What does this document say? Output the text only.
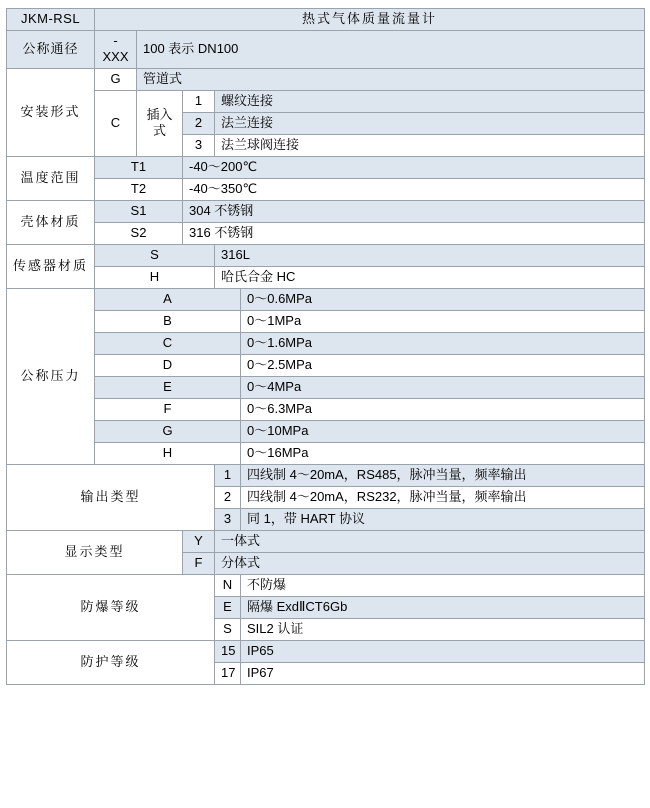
JKM-RSL	热式气体质量流量计				
公称通径	-XXX	100 表示 DN100			
安装形式	G	管道式			
	C	插入式	1	螺纹连接	
			2	法兰连接	
			3	法兰球阀连接	
温度范围	T1		-40～200℃		
	T2		-40～350℃		
壳体材质	S1		304 不锈钢		
	S2		316 不锈钢		
传感器材质	S			316L	
	H			哈氏合金 HC	
公称压力	A				0～0.6MPa
	B				0～1MPa
	C				0～1.6MPa
	D				0～2.5MPa
	E				0～4MPa
	F				0～6.3MPa
	G				0～10MPa
	H				0～16MPa
输出类型				1	四线制 4～20mA，RS485，脉冲当量，频率输出
				2	四线制 4～20mA，RS232，脉冲当量，频率输出
				3	同 1，带 HART 协议
显示类型			Y	一体式	
			F	分体式	
防爆等级				N	不防爆
				E	隔爆 ExdⅡCT6Gb
				S	SIL2 认证
防护等级				15	IP65
				17	IP67
